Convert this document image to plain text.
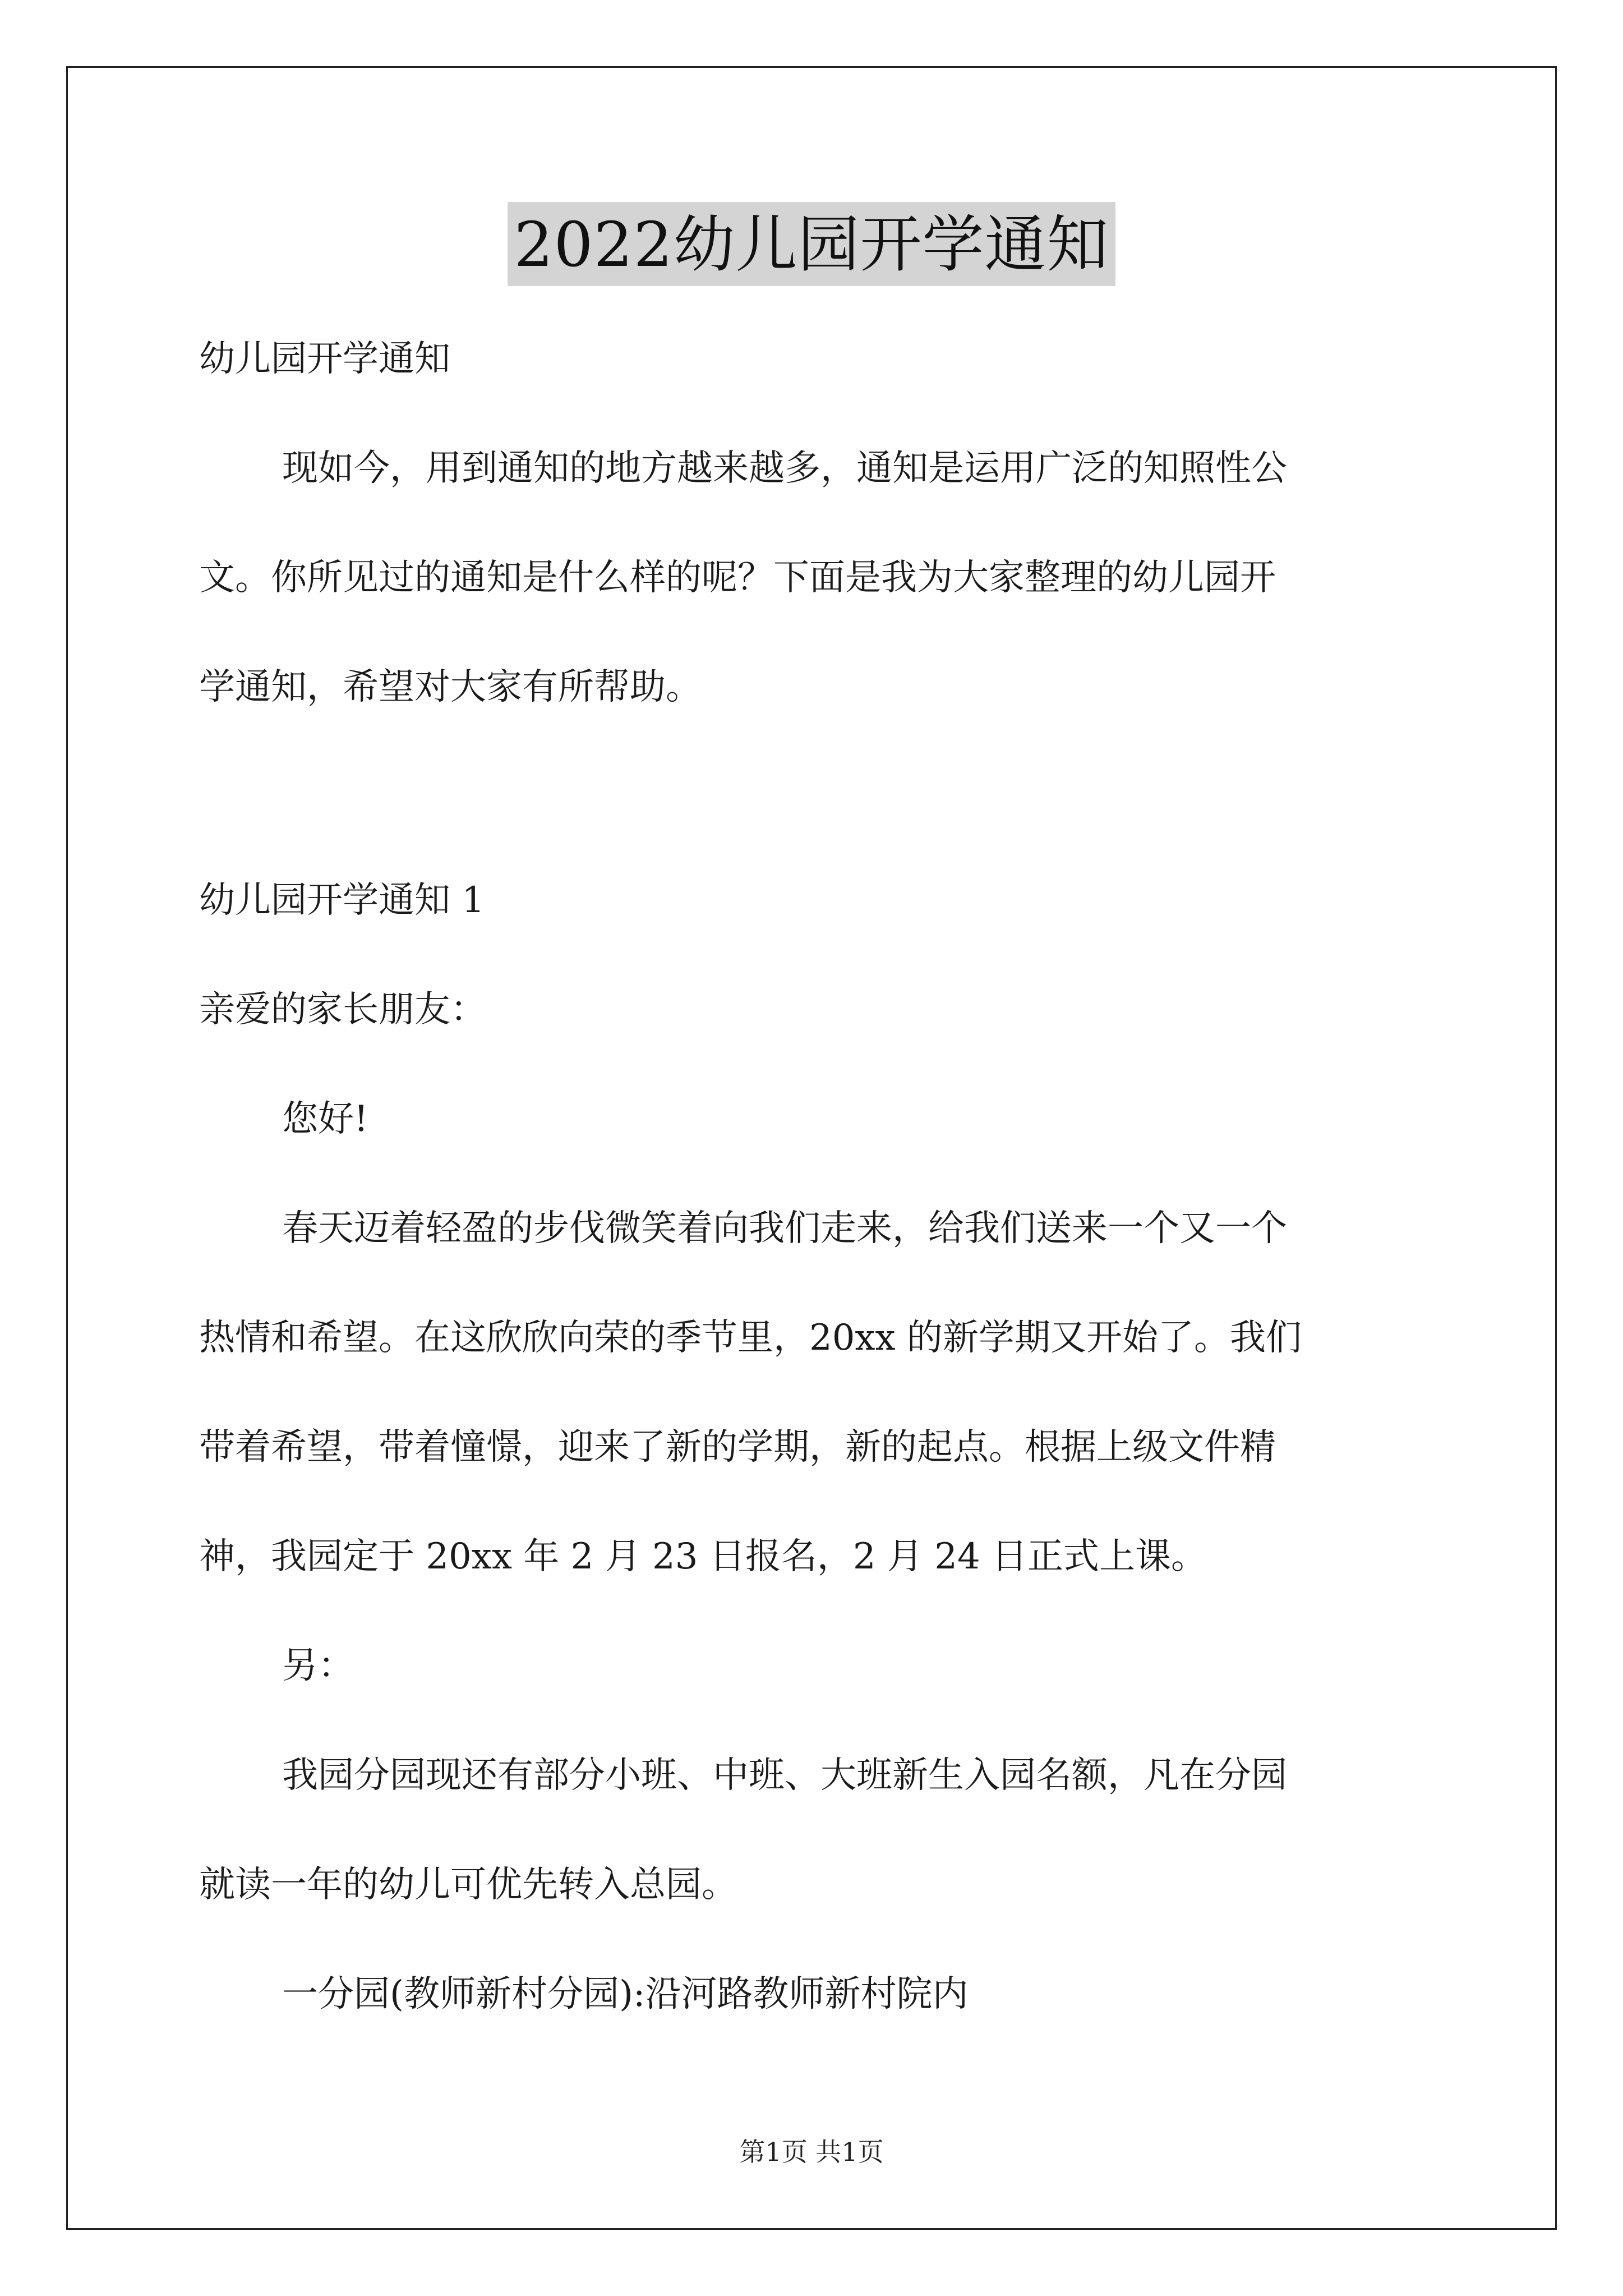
2022幼儿园开学通知
幼儿园开学通知
现如今，用到通知的地方越来越多，通知是运用广泛的知照性公
文。你所见过的通知是什么样的呢？下面是我为大家整理的幼儿园开
学通知，希望对大家有所帮助。
幼儿园开学通知 1
亲爱的家长朋友：
您好!
春天迈着轻盈的步伐微笑着向我们走来，给我们送来一个又一个
热情和希望。在这欣欣向荣的季节里，20xx 的新学期又开始了。我们
带着希望，带着憧憬，迎来了新的学期，新的起点。根据上级文件精
神，我园定于 20xx 年 2 月 23 日报名，2 月 24 日正式上课。
另：
我园分园现还有部分小班、中班、大班新生入园名额，凡在分园
就读一年的幼儿可优先转入总园。
一分园(教师新村分园):沿河路教师新村院内
第1页 共1页
